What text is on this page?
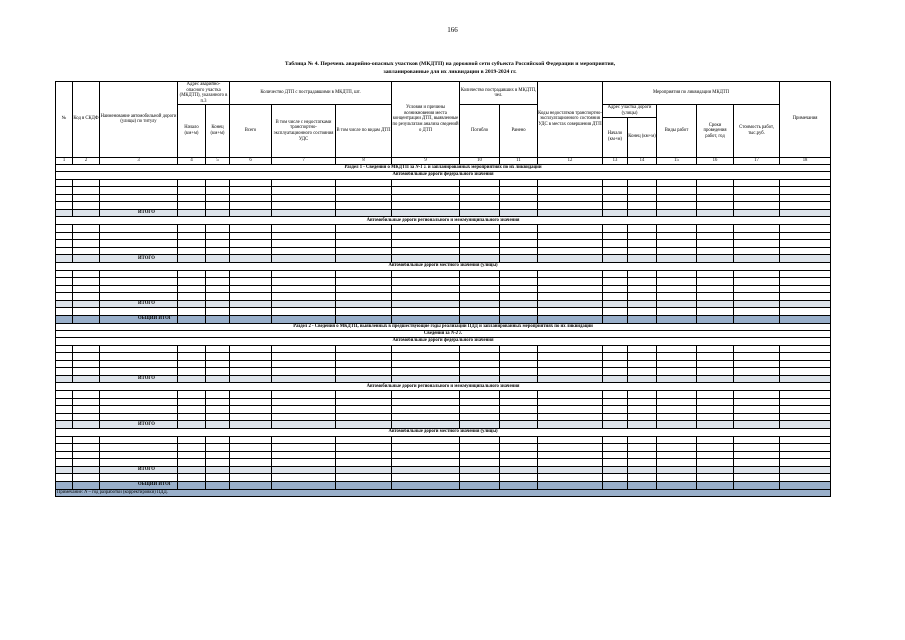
166
Таблица № 4. Перечень аварийно-опасных участков (МКДТП) на дорожной сети субъекта Российской Федерации и мероприятия,
запланированные для их ликвидации в 2019-2024 гг.
№	Код в СКДФ	Наименование автомобильной дороги (улицы) по титулу	Адрес аварийно-опасного участка (МКДТП), указанного в п.3		Количество ДТП с пострадавшими в МКДТП, шт.			Условия и причины возникновения места концентрации ДТП, выявленные по результатам анализа сведений о ДТП	Количество пострадавших в МКДТП, чел.		Коды недостатков транспортно-эксплуатационного состояния УДС в местах совершения ДТП	Мероприятия по ликвидации МКДТП					Примечания
			Начало (км+м)	Конец (км+м)	Всего	В том числе с недостатками транспортно-эксплуатационного состояния УДС	В том числе по видам ДТП		Погибло	Ранено		Адрес участка дороги (улицы)		Виды работ	Сроки проведения работ, год	Стоимость работ, тыс.руб.	
												Начало (км+м)	Конец (км+м)				
1	2	3	4	5	6	7	8	9	10	11	12	13	14	15	16	17	18
Раздел 1 - Сведения о МКДТП за N-1 г. и запланированных мероприятиях по их ликвидации																	
Автомобильные дороги федерального значения																	

		ИТОГО															
Автомобильные дороги регионального и межмуниципального значения																	

		ИТОГО															
Автомобильные дороги местного значения (улицы)																	

		ИТОГО															

		ОБЩИЙ ИТОГ															
Раздел 2 - Сведения о МКДТП, выявленных в предшествующие годы реализации ПДД и запланированных мероприятиях по их ликвидации																	
Сведения за N-2 г.																	
Автомобильные дороги федерального значения																	

		ИТОГО															
Автомобильные дороги регионального и межмуниципального значения																	

		ИТОГО															
Автомобильные дороги местного значения (улицы)																	

		ИТОГО															

		ОБЩИЙ ИТОГ															
Примечание: N – год разработки (корректировки) ПДД.																	
